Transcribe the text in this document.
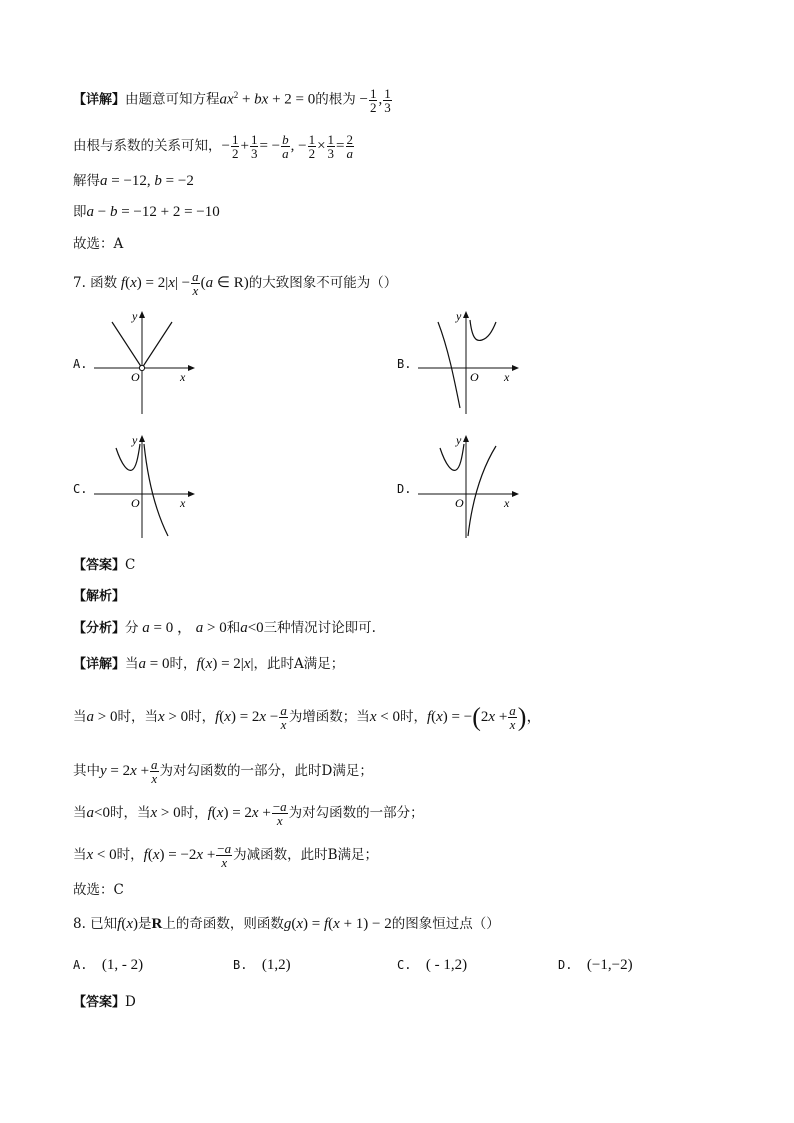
【详解】由题意可知方程$ax^2$ + bx + 2 = 0的根为 − $\frac{1}{2}$ , $\frac{1}{3}$
由根与系数的关系可知，− $\frac{1}{2} + \frac{1}{3}$ = − $\frac{b}{a}$ , − $\frac{1}{2} \times \frac{1}{3} = \frac{2}{a}$
解得a = −12, b = −2
即a − b = −12 + 2 = −10
故选：A
7. 函数 $f(x) = 2|x| - \frac{a}{x} (a$ ∈ R)的大致图象不可能为（）
A.	B.
C.	D.
y
x
O
y
x
O
y
x
O
y
x
O
【答案】C
【解析】
【分析】分 a = 0 ， a > 0和a<0三种情况讨论即可.
【详解】当a = 0时，f(x) = 2|x|，此时A满足；
当a > 0时，当x > 0时，$f(x) = 2x - \frac{a}{x}$ 为增函数；当x < 0时，$f(x) = -(2x + \frac{a}{x}$ )，
其中$y = 2x + \frac{a}{x}$ 为对勾函数的一部分，此时D满足；
当a<0时，当x > 0时，$f(x) = 2x + \frac{-a}{x}$ 为对勾函数的一部分；
当x < 0时，$f(x) = -2x + \frac{-a}{x}$ 为减函数，此时B满足；
故选：C
8. 已知f(x)是R上的奇函数，则函数g(x) = f(x + 1) − 2的图象恒过点（）
A. (1, - 2)	B. (1,2)	C. ( - 1,2)	D. (−1,−2)
【答案】D
